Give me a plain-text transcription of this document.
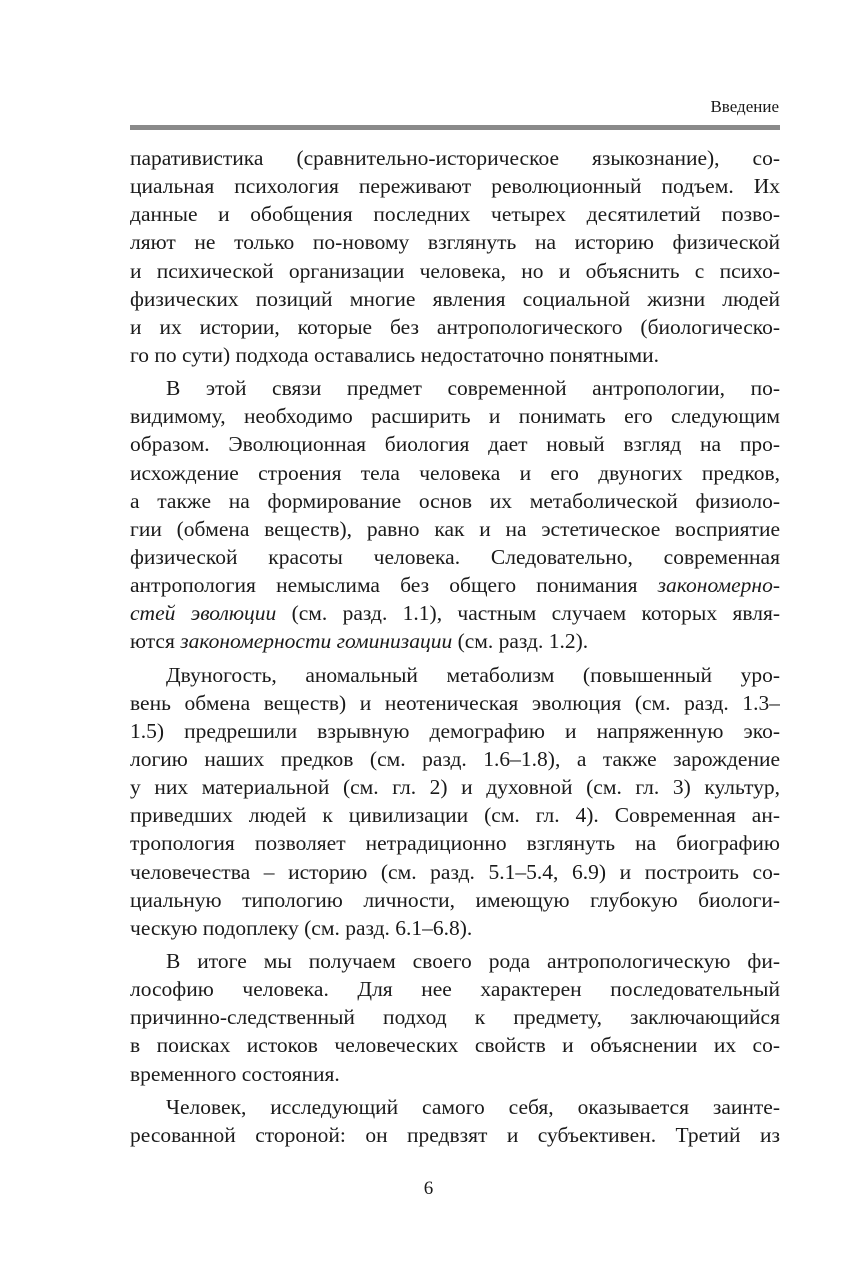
Введение
паративистика (сравнительно-историческое языкознание), со-
циальная психология переживают революционный подъем. Их
данные и обобщения последних четырех десятилетий позво-
ляют не только по-новому взглянуть на историю физической
и психической организации человека, но и объяснить с психо-
физических позиций многие явления социальной жизни людей
и их истории, которые без антропологического (биологическо-
го по сути) подхода оставались недостаточно понятными.
В этой связи предмет современной антропологии, по-
видимому, необходимо расширить и понимать его следующим
образом. Эволюционная биология дает новый взгляд на про-
исхождение строения тела человека и его двуногих предков,
а также на формирование основ их метаболической физиоло-
гии (обмена веществ), равно как и на эстетическое восприятие
физической красоты человека. Следовательно, современная
антропология немыслима без общего понимания закономерно-
стей эволюции (см. разд. 1.1), частным случаем которых явля-
ются закономерности гоминизации (см. разд. 1.2).
Двуногость, аномальный метаболизм (повышенный уро-
вень обмена веществ) и неотеническая эволюция (см. разд. 1.3–
1.5) предрешили взрывную демографию и напряженную эко-
логию наших предков (см. разд. 1.6–1.8), а также зарождение
у них материальной (см. гл. 2) и духовной (см. гл. 3) культур,
приведших людей к цивилизации (см. гл. 4). Современная ан-
тропология позволяет нетрадиционно взглянуть на биографию
человечества – историю (см. разд. 5.1–5.4, 6.9) и построить со-
циальную типологию личности, имеющую глубокую биологи-
ческую подоплеку (см. разд. 6.1–6.8).
В итоге мы получаем своего рода антропологическую фи-
лософию человека. Для нее характерен последовательный
причинно-следственный подход к предмету, заключающийся
в поисках истоков человеческих свойств и объяснении их со-
временного состояния.
Человек, исследующий самого себя, оказывается заинте-
ресованной стороной: он предвзят и субъективен. Третий из
6
